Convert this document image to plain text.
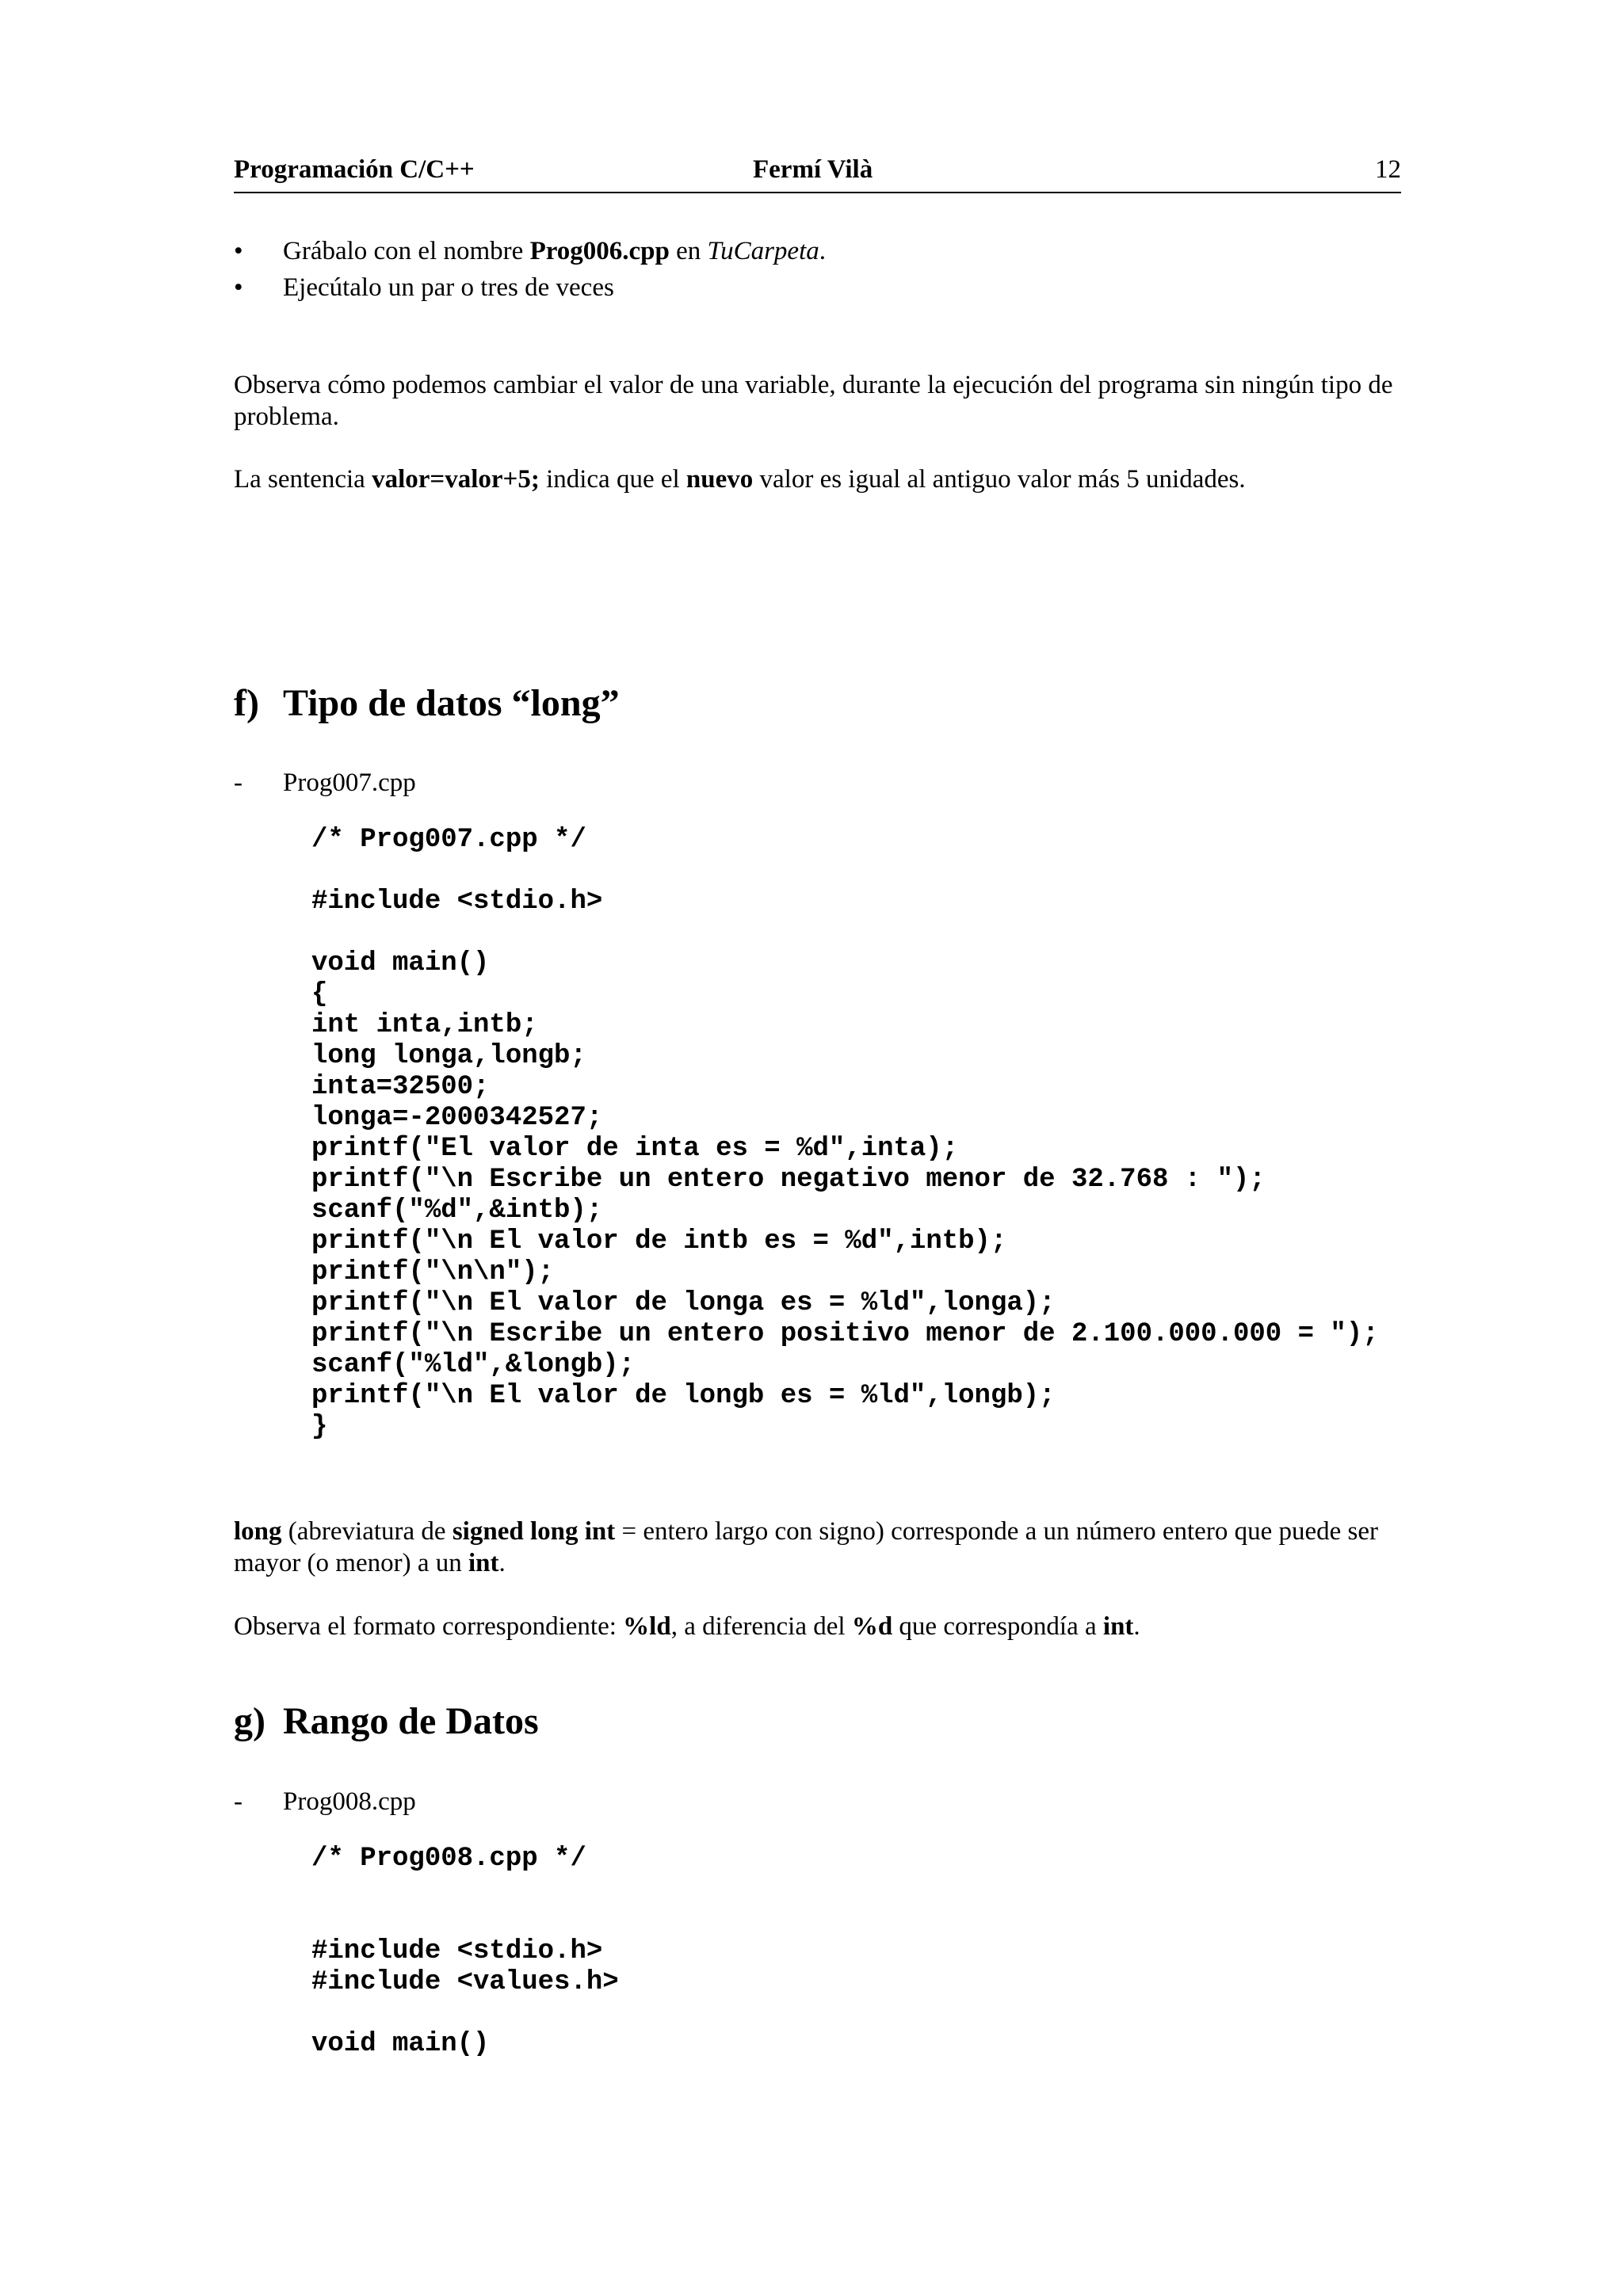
Programación C/C++	Fermí Vilà	12
• Grábalo con el nombre Prog006.cpp en TuCarpeta.
• Ejecútalo un par o tres de veces

Observa cómo podemos cambiar el valor de una variable, durante la ejecución del programa sin ningún tipo de problema.

La sentencia valor=valor+5; indica que el nuevo valor es igual al antiguo valor más 5 unidades.

f) Tipo de datos “long”
- Prog007.cpp
/* Prog007.cpp */
#include <stdio.h>
void main()
{
int inta,intb;
long longa,longb;
inta=32500;
longa=-2000342527;
printf("El valor de inta es = %d",inta);
printf("\n Escribe un entero negativo menor de 32.768 : ");
scanf("%d",&intb);
printf("\n El valor de intb es = %d",intb);
printf("\n\n");
printf("\n El valor de longa es = %ld",longa);
printf("\n Escribe un entero positivo menor de 2.100.000.000 = ");
scanf("%ld",&longb);
printf("\n El valor de longb es = %ld",longb);
}

long (abreviatura de signed long int = entero largo con signo) corresponde a un número entero que puede ser mayor (o menor) a un int.

Observa el formato correspondiente: %ld, a diferencia del %d que correspondía a int.

g) Rango de Datos
- Prog008.cpp
/* Prog008.cpp */
#include <stdio.h>
#include <values.h>
void main()
